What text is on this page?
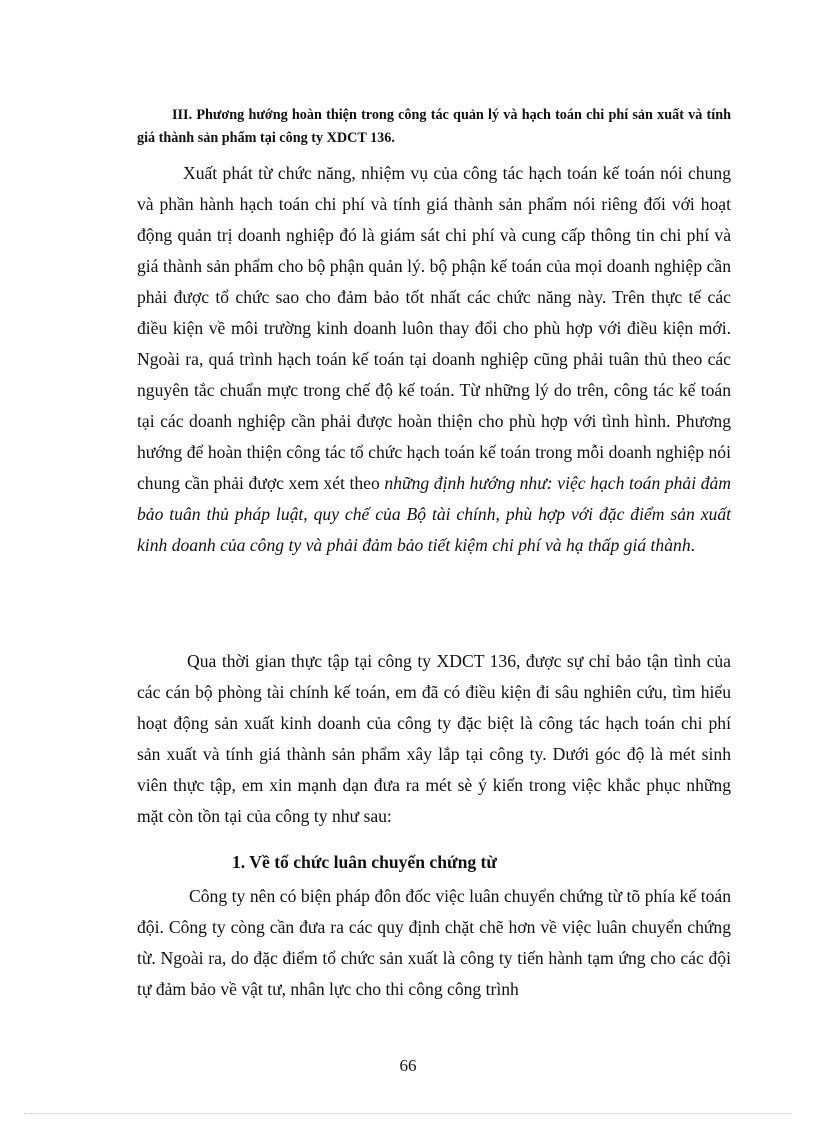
III. Phương hướng hoàn thiện trong công tác quản lý và hạch toán chi phí sản xuất và tính giá thành sản phẩm tại công ty XDCT 136.

Xuất phát từ chức năng, nhiệm vụ của công tác hạch toán kế toán nói chung và phần hành hạch toán chi phí và tính giá thành sản phẩm nói riêng đối với hoạt động quản trị doanh nghiệp đó là giám sát chi phí và cung cấp thông tin chi phí và giá thành sản phẩm cho bộ phận quản lý. bộ phận kế toán của mọi doanh nghiệp cần phải được tổ chức sao cho đảm bảo tốt nhất các chức năng này. Trên thực tế các điều kiện về môi trường kinh doanh luôn thay đổi cho phù hợp với điều kiện mới. Ngoài ra, quá trình hạch toán kế toán tại doanh nghiệp cũng phải tuân thủ theo các nguyên tắc chuẩn mực trong chế độ kế toán. Từ những lý do trên, công tác kế toán tại các doanh nghiệp cần phải được hoàn thiện cho phù hợp với tình hình. Phương hướng để hoàn thiện công tác tổ chức hạch toán kế toán trong mỗi doanh nghiệp nói chung cần phải được xem xét theo những định hướng như: việc hạch toán phải đảm bảo tuân thủ pháp luật, quy chế của Bộ tài chính, phù hợp với đặc điểm sản xuất kinh doanh của công ty và phải đảm bảo tiết kiệm chi phí và hạ thấp giá thành.

Qua thời gian thực tập tại công ty XDCT 136, được sự chỉ bảo tận tình của các cán bộ phòng tài chính kế toán, em đã có điều kiện đi sâu nghiên cứu, tìm hiểu hoạt động sản xuất kinh doanh của công ty đặc biệt là công tác hạch toán chi phí sản xuất và tính giá thành sản phẩm xây lắp tại công ty. Dưới góc độ là mét sinh viên thực tập, em xin mạnh dạn đưa ra mét sè ý kiến trong việc khắc phục những mặt còn tồn tại của công ty như sau:

1. Về tổ chức luân chuyển chứng từ

Công ty nên có biện pháp đôn đốc việc luân chuyển chứng từ tõ phía kế toán đội. Công ty còng cần đưa ra các quy định chặt chẽ hơn về việc luân chuyển chứng từ. Ngoài ra, do đặc điểm tổ chức sản xuất là công ty tiến hành tạm ứng cho các đội tự đảm bảo về vật tư, nhân lực cho thi công công trình

66
